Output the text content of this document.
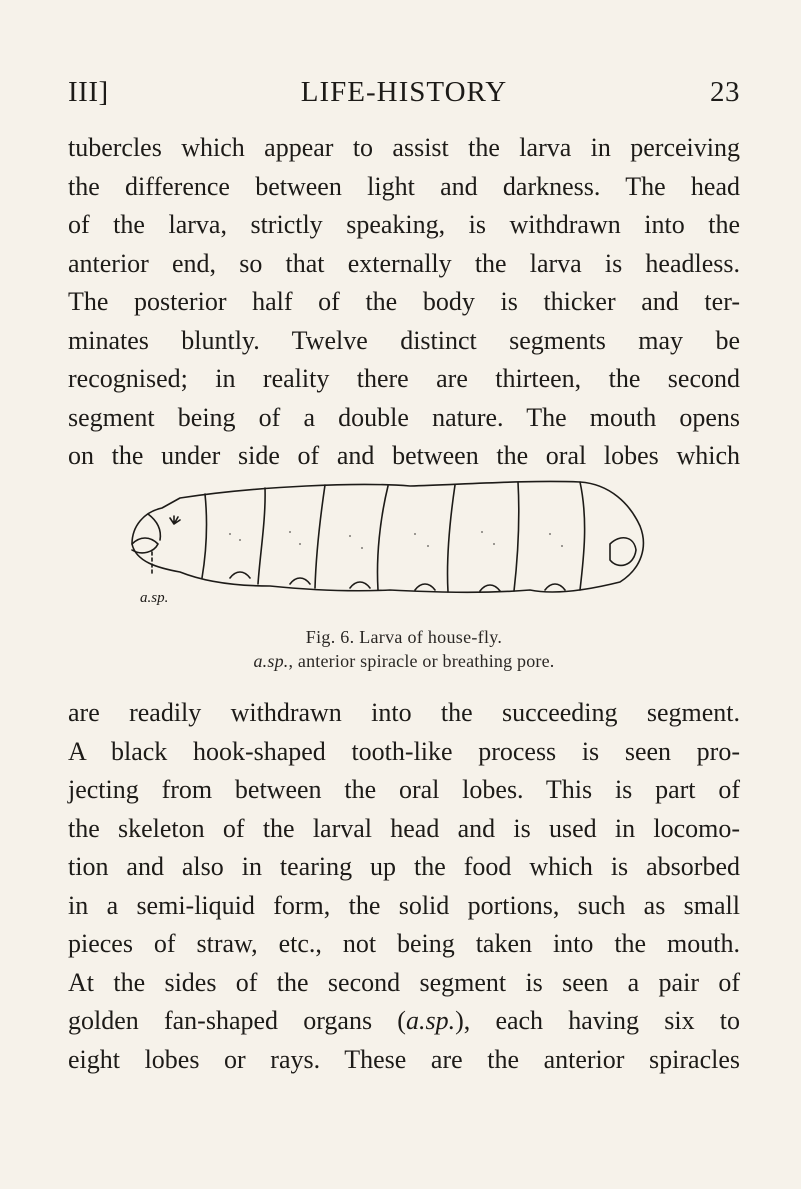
III]	LIFE-HISTORY	23
tubercles which appear to assist the larva in perceiving
the difference between light and darkness. The head
of the larva, strictly speaking, is withdrawn into the
anterior end, so that externally the larva is headless.
The posterior half of the body is thicker and ter-
minates bluntly. Twelve distinct segments may be
recognised; in reality there are thirteen, the second
segment being of a double nature. The mouth opens
on the under side of and between the oral lobes which
a.sp.
Fig. 6. Larva of house-fly.
a.sp., anterior spiracle or breathing pore.
are readily withdrawn into the succeeding segment.
A black hook-shaped tooth-like process is seen pro-
jecting from between the oral lobes. This is part of
the skeleton of the larval head and is used in locomo-
tion and also in tearing up the food which is absorbed
in a semi-liquid form, the solid portions, such as small
pieces of straw, etc., not being taken into the mouth.
At the sides of the second segment is seen a pair of
golden fan-shaped organs (a.sp.), each having six to
eight lobes or rays. These are the anterior spiracles
